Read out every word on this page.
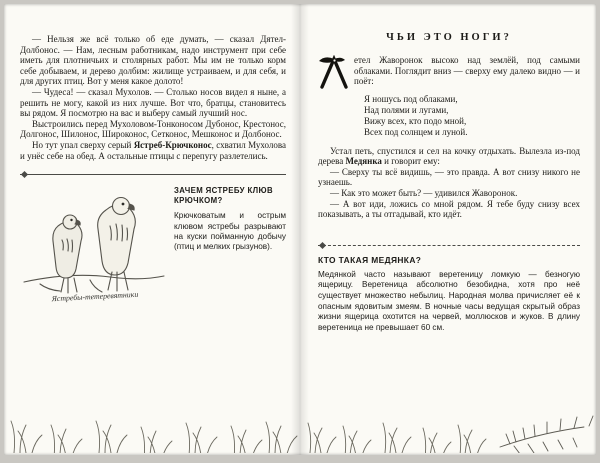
— Нельзя же всё только об еде думать, — сказал Дятел-Долбонос. — Нам, лесным работникам, надо инструмент при себе иметь для плотничьих и столярных работ. Мы им не только корм себе добываем, и дерево долбим: жилище устраиваем, и для себя, и для других птиц. Вот у меня какое долото!

— Чудеса! — сказал Мухолов. — Столько носов видел я ныне, а решить не могу, какой из них лучше. Вот что, братцы, становитесь вы рядом. Я посмотрю на вас и выберу самый лучший нос.

Выстроились перед Мухоловом-Тонконосом Дубонос, Крестонос, Долгонос, Шилонос, Широконос, Сетконос, Мешконос и Долбонос.

Но тут упал сверху серый Ястреб-Крючконос, схватил Мухолова и унёс себе на обед. А остальные птицы с перепугу разлетелись.

Ястребы-тетеревятники
ЗАЧЕМ ЯСТРЕБУ КЛЮВ КРЮЧКОМ?
Крючковатым и острым клювом ястребы разрывают на куски пойманную добычу (птиц и мелких грызунов).
ЧЬИ ЭТО НОГИ?

етел Жаворонок высоко над землёй, под самыми облаками. Поглядит вниз — сверху ему далеко видно — и поёт:

Я ношусь под облаками,
Над полями и лугами,
Вижу всех, кто подо мной,
Всех под солнцем и луной.

Устал петь, спустился и сел на кочку отдыхать. Вылезла из-под дерева Медянка и говорит ему:

— Сверху ты всё видишь, — это правда. А вот снизу никого не узнаешь.

— Как это может быть? — удивился Жаворонок.

— А вот иди, ложись со мной рядом. Я тебе буду снизу всех показывать, а ты отгадывай, кто идёт.

КТО ТАКАЯ МЕДЯНКА?
Медянкой часто называют веретеницу ломкую — безногую ящерицу. Веретеница абсолютно безобидна, хотя про неё существует множество небылиц. Народная молва причисляет её к опасным ядовитым змеям. В ночные часы ведущая скрытый образ жизни ящерица охотится на червей, моллюсков и жуков. В длину веретеница не превышает 60 см.
